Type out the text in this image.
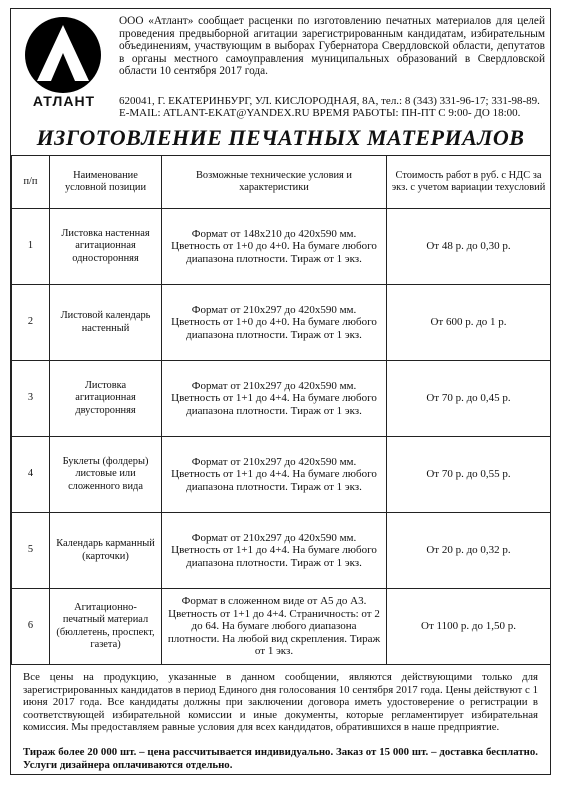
АТЛАНТ
ООО «Атлант» сообщает расценки по изготовлению печатных материалов для целей проведения предвыборной агитации зарегистрированным кандидатам, избирательным объединениям, участвующим в выборах Губернатора Свердловской области, депутатов в органы местного самоуправления муниципальных образований в Свердловской области 10 сентября 2017 года.
620041, Г. ЕКАТЕРИНБУРГ, УЛ. КИСЛОРОДНАЯ, 8А, тел.: 8 (343) 331-96-17; 331-98-89.
E-MAIL: ATLANT-EKAT@YANDEX.RU ВРЕМЯ РАБОТЫ: ПН-ПТ С 9:00- ДО 18:00.
ИЗГОТОВЛЕНИЕ ПЕЧАТНЫХ МАТЕРИАЛОВ
п/п	Наименование условной позиции	Возможные технические условия и характеристики	Стоимость работ в руб. с НДС за экз. с учетом вариации техусловий
1	Листовка настенная агитационная односторонняя	Формат от 148х210 до 420х590 мм. Цветность от 1+0 до 4+0. На бумаге любого диапазона плотности. Тираж от 1 экз.	От 48 р. до 0,30 р.
2	Листовой календарь настенный	Формат от 210х297 до 420х590 мм. Цветность от 1+0 до 4+0. На бумаге любого диапазона плотности. Тираж от 1 экз.	От 600 р. до 1 р.
3	Листовка агитационная двусторонняя	Формат от 210х297 до 420х590 мм. Цветность от 1+1 до 4+4. На бумаге любого диапазона плотности. Тираж от 1 экз.	От 70 р. до 0,45 р.
4	Буклеты (фолдеры) листовые или сложенного вида	Формат от 210х297 до 420х590 мм. Цветность от 1+1 до 4+4. На бумаге любого диапазона плотности. Тираж от 1 экз.	От 70 р. до 0,55 р.
5	Календарь карманный (карточки)	Формат от 210х297 до 420х590 мм. Цветность от 1+1 до 4+4. На бумаге любого диапазона плотности. Тираж от 1 экз.	От 20 р. до 0,32 р.
6	Агитационно-печатный материал (бюллетень, проспект, газета)	Формат в сложенном виде от А5 до А3. Цветность от 1+1 до 4+4. Страничность: от 2 до 64. На бумаге любого диапазона плотности. На любой вид скрепления. Тираж от 1 экз.	От 1100 р. до 1,50 р.
Все цены на продукцию, указанные в данном сообщении, являются действующими только для зарегистрированных кандидатов в период Единого дня голосования 10 сентября 2017 года. Цены действуют с 1 июня 2017 года. Все кандидаты должны при заключении договора иметь удостоверение о регистрации в соответствующей избирательной комиссии и иные документы, которые регламентирует избирательная комиссия. Мы предоставляем равные условия для всех кандидатов, обратившихся в наше предприятие.
Тираж более 20 000 шт. – цена рассчитывается индивидуально. Заказ от 15 000 шт. – доставка бесплатно. Услуги дизайнера оплачиваются отдельно.
